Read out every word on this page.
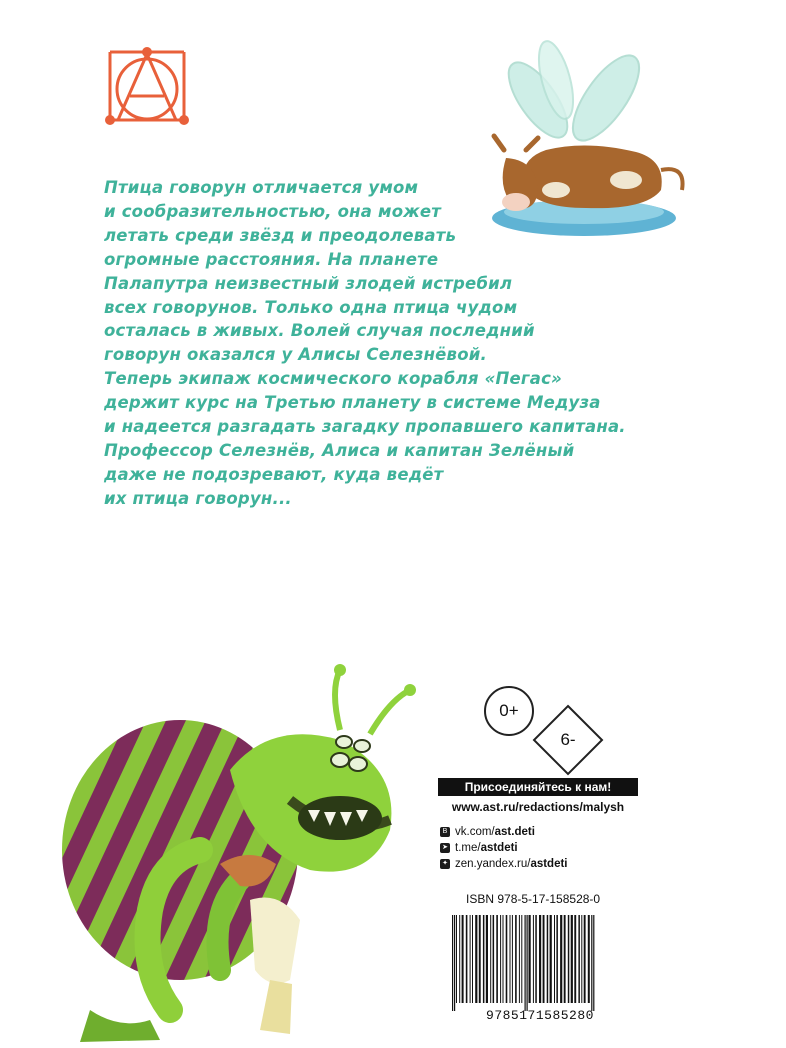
Птица говорун отличается умом
и сообразительностью, она может
летать среди звёзд и преодолевать
огромные расстояния. На планете
Палапутра неизвестный злодей истребил
всех говорунов. Только одна птица чудом
осталась в живых. Волей случая последний
говорун оказался у Алисы Селезнёвой.
Теперь экипаж космического корабля «Пегас»
держит курс на Третью планету в системе Медуза
и надеется разгадать загадку пропавшего капитана.
Профессор Селезнёв, Алиса и капитан Зелёный
даже не подозревают, куда ведёт
их птица говорун...
0+
6-
Присоединяйтесь к нам!
www.ast.ru/redactions/malysh
В vk.com/ ast.deti
➤ t.me/ astdeti
✦ zen.yandex.ru/ astdeti
ISBN 978-5-17-158528-0
9785171585280
